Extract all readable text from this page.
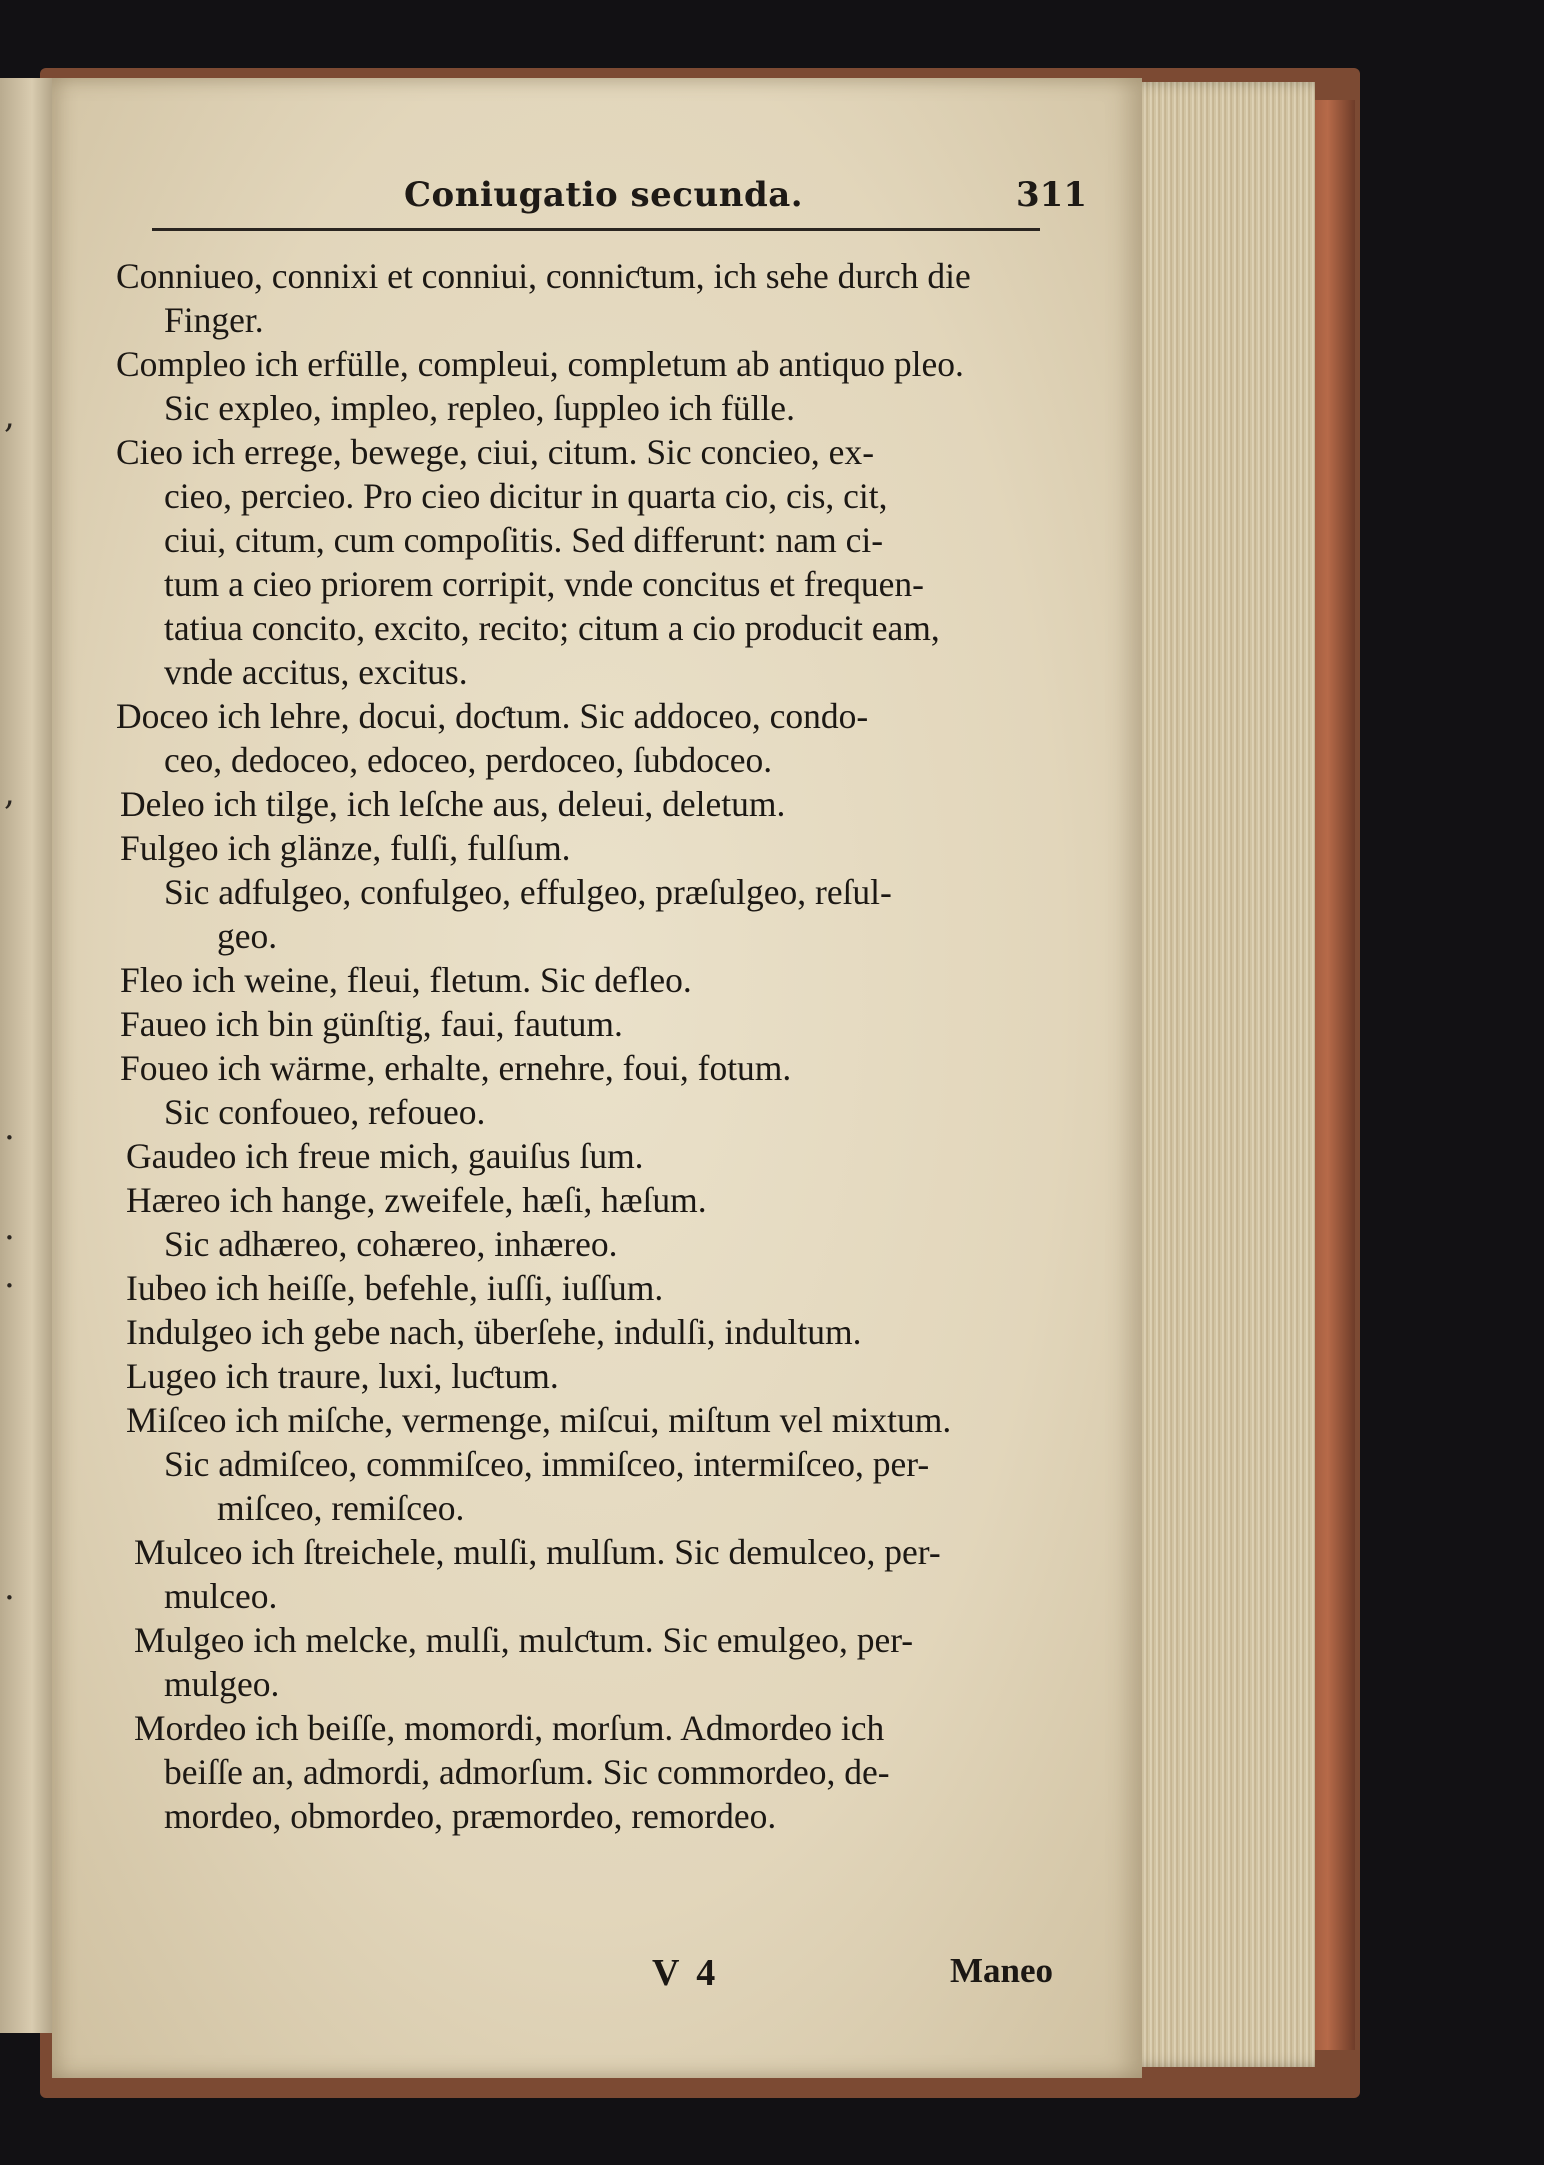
,
,
.
.
.
.
Coniugatio secunda.	311
Conniueo, connixi et conniui, conniƈtum, ich sehe durch die
Finger.
Compleo ich erfülle, compleui, completum ab antiquo pleo.
Sic expleo, impleo, repleo, ſuppleo ich fülle.
Cieo ich errege, bewege, ciui, citum. Sic concieo, ex-
cieo, percieo. Pro cieo dicitur in quarta cio, cis, cit,
ciui, citum, cum compoſitis. Sed differunt: nam ci-
tum a cieo priorem corripit, vnde concitus et frequen-
tatiua concito, excito, recito; citum a cio producit eam,
vnde accitus, excitus.
Doceo ich lehre, docui, doƈtum. Sic addoceo, condo-
ceo, dedoceo, edoceo, perdoceo, ſubdoceo.
Deleo ich tilge, ich leſche aus, deleui, deletum.
Fulgeo ich glänze, fulſi, fulſum.
Sic adfulgeo, confulgeo, effulgeo, præſulgeo, reſul-
geo.
Fleo ich weine, fleui, fletum. Sic defleo.
Faueo ich bin günſtig, faui, fautum.
Foueo ich wärme, erhalte, ernehre, foui, fotum.
Sic confoueo, refoueo.
Gaudeo ich freue mich, gauiſus ſum.
Hæreo ich hange, zweifele, hæſi, hæſum.
Sic adhæreo, cohæreo, inhæreo.
Iubeo ich heiſſe, befehle, iuſſi, iuſſum.
Indulgeo ich gebe nach, überſehe, indulſi, indultum.
Lugeo ich traure, luxi, luƈtum.
Miſceo ich miſche, vermenge, miſcui, miſtum vel mixtum.
Sic admiſceo, commiſceo, immiſceo, intermiſceo, per-
miſceo, remiſceo.
Mulceo ich ſtreichele, mulſi, mulſum. Sic demulceo, per-
mulceo.
Mulgeo ich melcke, mulſi, mulƈtum. Sic emulgeo, per-
mulgeo.
Mordeo ich beiſſe, momordi, morſum. Admordeo ich
beiſſe an, admordi, admorſum. Sic commordeo, de-
mordeo, obmordeo, præmordeo, remordeo.
V 4	Maneo
